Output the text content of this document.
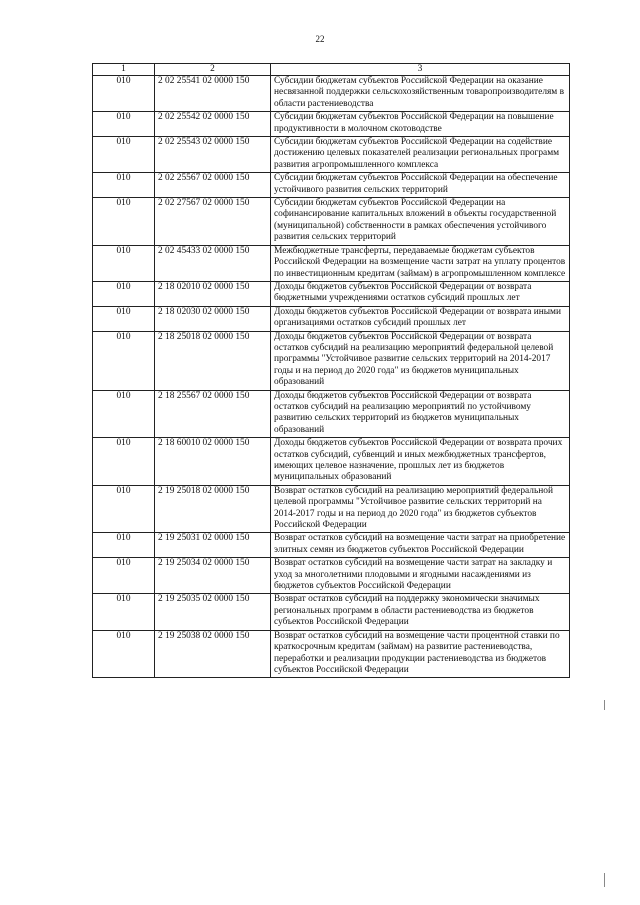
22
1	2	3
010	2 02 25541 02 0000 150	Субсидии бюджетам субъектов Российской Федерации на оказание несвязанной поддержки сельскохозяйственным товаропроизводителям в области растениеводства
010	2 02 25542 02 0000 150	Субсидии бюджетам субъектов Российской Федерации на повышение продуктивности в молочном скотоводстве
010	2 02 25543 02 0000 150	Субсидии бюджетам субъектов Российской Федерации на содействие достижению целевых показателей реализации региональных программ развития агропромышленного комплекса
010	2 02 25567 02 0000 150	Субсидии бюджетам субъектов Российской Федерации на обеспечение устойчивого развития сельских территорий
010	2 02 27567 02 0000 150	Субсидии бюджетам субъектов Российской Федерации на софинансирование капитальных вложений в объекты государственной (муниципальной) собственности в рамках обеспечения устойчивого развития сельских территорий
010	2 02 45433 02 0000 150	Межбюджетные трансферты, передаваемые бюджетам субъектов Российской Федерации на возмещение части затрат на уплату процентов по инвестиционным кредитам (займам) в агропромышленном комплексе
010	2 18 02010 02 0000 150	Доходы бюджетов субъектов Российской Федерации от возврата бюджетными учреждениями остатков субсидий прошлых лет
010	2 18 02030 02 0000 150	Доходы бюджетов субъектов Российской Федерации от возврата иными организациями остатков субсидий прошлых лет
010	2 18 25018 02 0000 150	Доходы бюджетов субъектов Российской Федерации от возврата остатков субсидий на реализацию мероприятий федеральной целевой программы "Устойчивое развитие сельских территорий на 2014-2017 годы и на период до 2020 года" из бюджетов муниципальных образований
010	2 18 25567 02 0000 150	Доходы бюджетов субъектов Российской Федерации от возврата остатков субсидий на реализацию мероприятий по устойчивому развитию сельских территорий из бюджетов муниципальных образований
010	2 18 60010 02 0000 150	Доходы бюджетов субъектов Российской Федерации от возврата прочих остатков субсидий, субвенций и иных межбюджетных трансфертов, имеющих целевое назначение, прошлых лет из бюджетов муниципальных образований
010	2 19 25018 02 0000 150	Возврат остатков субсидий на реализацию мероприятий федеральной целевой программы "Устойчивое развитие сельских территорий на 2014-2017 годы и на период до 2020 года" из бюджетов субъектов Российской Федерации
010	2 19 25031 02 0000 150	Возврат остатков субсидий на возмещение части затрат на приобретение элитных семян из бюджетов субъектов Российской Федерации
010	2 19 25034 02 0000 150	Возврат остатков субсидий на возмещение части затрат на закладку и уход за многолетними плодовыми и ягодными насаждениями из бюджетов субъектов Российской Федерации
010	2 19 25035 02 0000 150	Возврат остатков субсидий на поддержку экономически значимых региональных программ в области растениеводства из бюджетов субъектов Российской Федерации
010	2 19 25038 02 0000 150	Возврат остатков субсидий на возмещение части процентной ставки по краткосрочным кредитам (займам) на развитие растениеводства, переработки и реализации продукции растениеводства из бюджетов субъектов Российской Федерации
